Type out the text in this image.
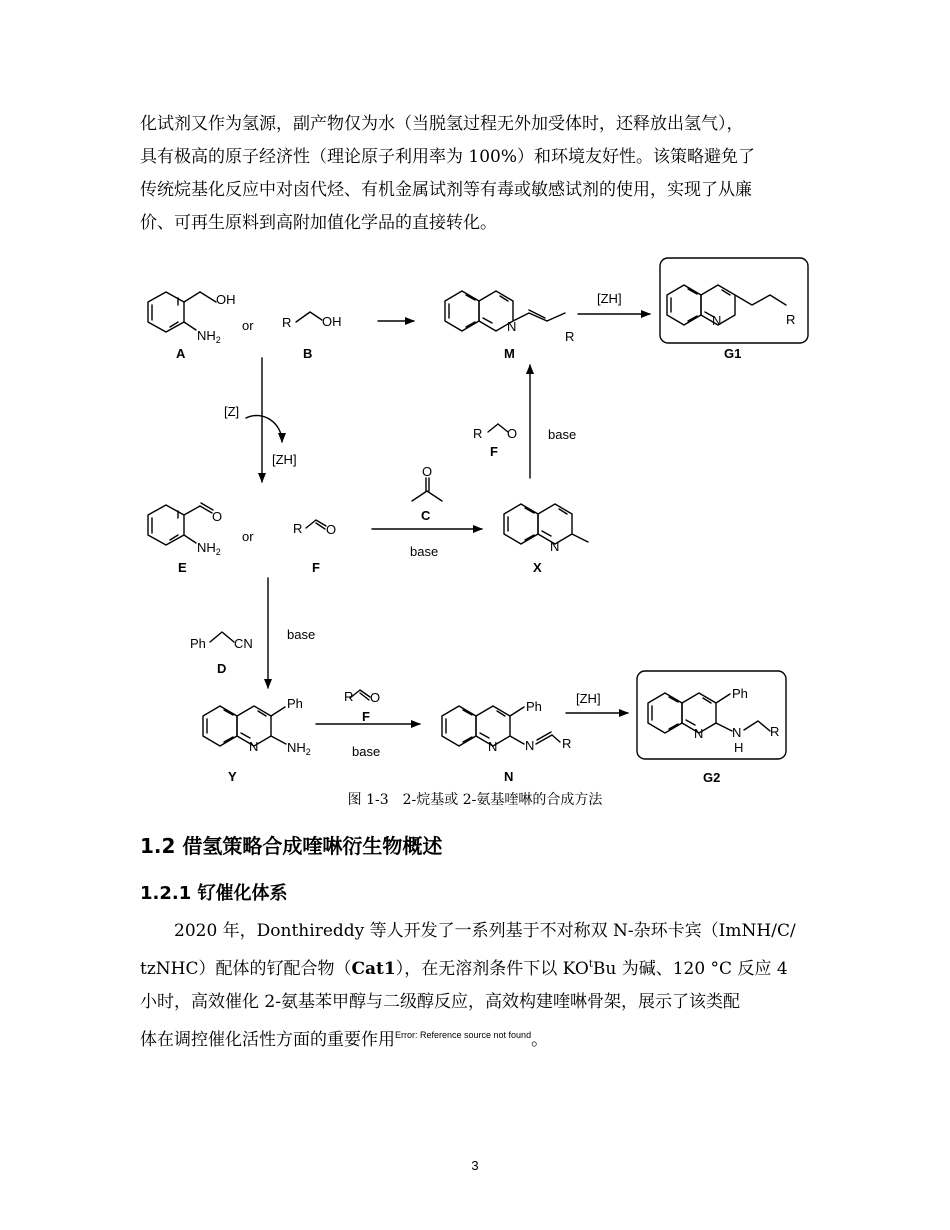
化试剂又作为氢源，副产物仅为水（当脱氢过程无外加受体时，还释放出氢气），
具有极高的原子经济性（理论原子利用率为 100%）和环境友好性。该策略避免了
传统烷基化反应中对卤代烃、有机金属试剂等有毒或敏感试剂的使用，实现了从廉
价、可再生原料到高附加值化学品的直接转化。
OH
$NH_2$
or R OH
A	B
N
R
M
[ZH]
N	R
G1
[Z]
[ZH]
R O
F
base
O
$NH_2$
or
E
R O
F
O
C
base	N
X
base
Ph CN
D
Ph
N $NH_2$
Y
R O
F
base
Ph
N N R
N
[ZH]	Ph
N N
H
R
G2
图 1-3　2-烷基或 2-氨基喹啉的合成方法
1.2 借氢策略合成喹啉衍生物概述
1.2.1 钌催化体系
2020 年，Donthireddy 等人开发了一系列基于不对称双 N-杂环卡宾（ImNH/C/
tzNHC）配体的钌配合物（Cat1），在无溶剂条件下以 $KO^tBu$ 为碱、120 °C 反应 4
小时，高效催化 2-氨基苯甲醇与二级醇反应，高效构建喹啉骨架，展示了该类配
体在调控催化活性方面的重要作用$^{Error: Reference source not found}$。
3
